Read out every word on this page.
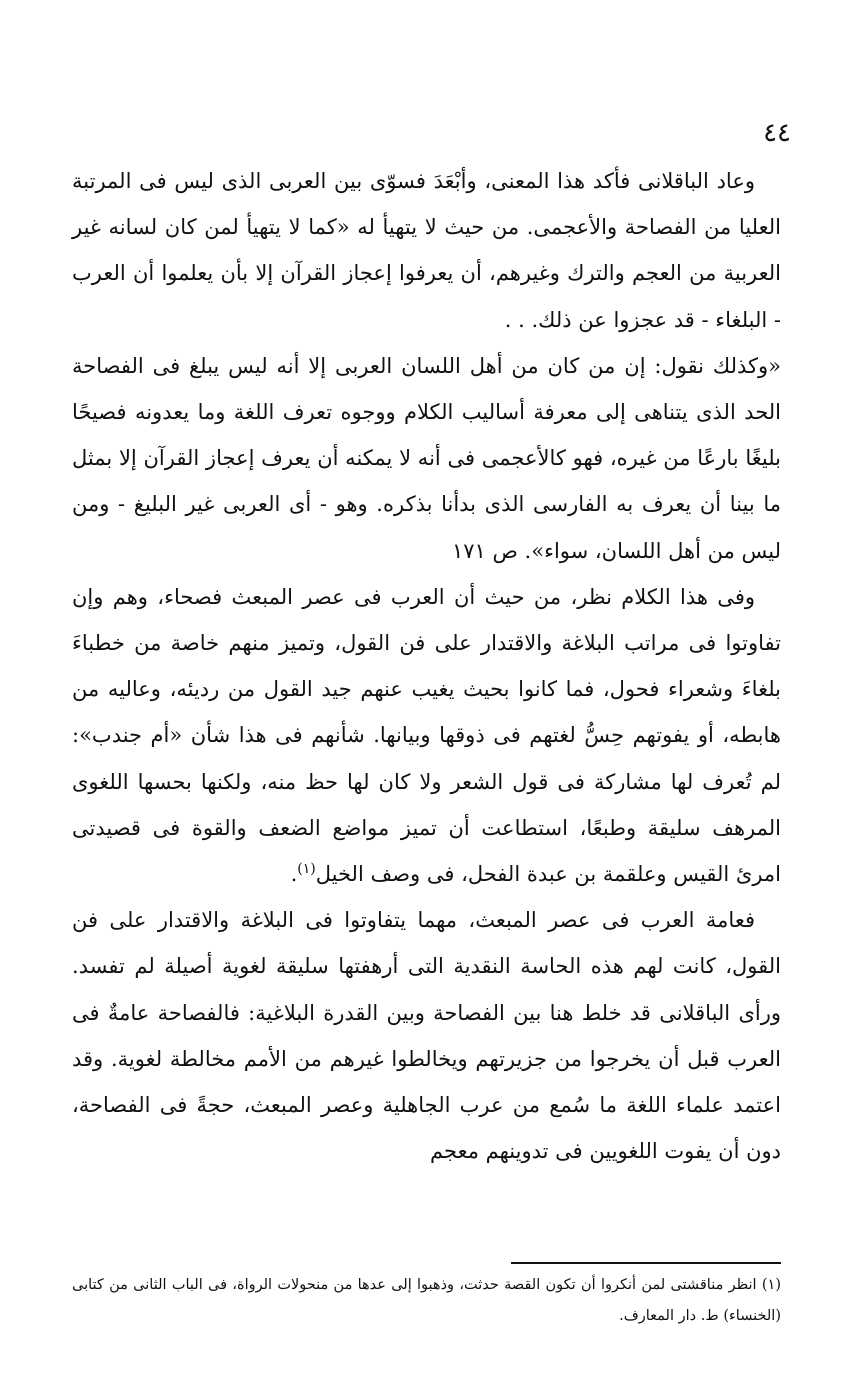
٤٤

وعاد الباقلانى فأكد هذا المعنى، وأبْعَدَ فسوّى بين العربى الذى ليس فى المرتبة العليا من الفصاحة والأعجمى. من حيث لا يتهيأ له «كما لا يتهيأ لمن كان لسانه غير العربية من العجم والترك وغيرهم، أن يعرفوا إعجاز القرآن إلا بأن يعلموا أن العرب - البلغاء - قد عجزوا عن ذلك. . .

«وكذلك نقول: إن من كان من أهل اللسان العربى إلا أنه ليس يبلغ فى الفصاحة الحد الذى يتناهى إلى معرفة أساليب الكلام ووجوه تعرف اللغة وما يعدونه فصيحًا بليغًا بارعًا من غيره، فهو كالأعجمى فى أنه لا يمكنه أن يعرف إعجاز القرآن إلا بمثل ما بينا أن يعرف به الفارسى الذى بدأنا بذكره. وهو - أى العربى غير البليغ - ومن ليس من أهل اللسان، سواء». ص ١٧١

وفى هذا الكلام نظر، من حيث أن العرب فى عصر المبعث فصحاء، وهم وإن تفاوتوا فى مراتب البلاغة والاقتدار على فن القول، وتميز منهم خاصة من خطباءَ بلغاءَ وشعراء فحول، فما كانوا بحيث يغيب عنهم جيد القول من رديئه، وعاليه من هابطه، أو يفوتهم حِسُّ لغتهم فى ذوقها وبيانها. شأنهم فى هذا شأن «أم جندب»: لم تُعرف لها مشاركة فى قول الشعر ولا كان لها حظ منه، ولكنها بحسها اللغوى المرهف سليقة وطبعًا، استطاعت أن تميز مواضع الضعف والقوة فى قصيدتى امرئ القيس وعلقمة بن عبدة الفحل، فى وصف الخيل$^{(١)}$.

فعامة العرب فى عصر المبعث، مهما يتفاوتوا فى البلاغة والاقتدار على فن القول، كانت لهم هذه الحاسة النقدية التى أرهفتها سليقة لغوية أصيلة لم تفسد. ورأى الباقلانى قد خلط هنا بين الفصاحة وبين القدرة البلاغية: فالفصاحة عامةٌ فى العرب قبل أن يخرجوا من جزيرتهم ويخالطوا غيرهم من الأمم مخالطة لغوية. وقد اعتمد علماء اللغة ما سُمع من عرب الجاهلية وعصر المبعث، حجةً فى الفصاحة، دون أن يفوت اللغويين فى تدوينهم معجم

(١) انظر مناقشتى لمن أنكروا أن تكون القصة حدثت، وذهبوا إلى عدها من منحولات الرواة، فى الباب الثانى من كتابى (الخنساء) ط. دار المعارف.
